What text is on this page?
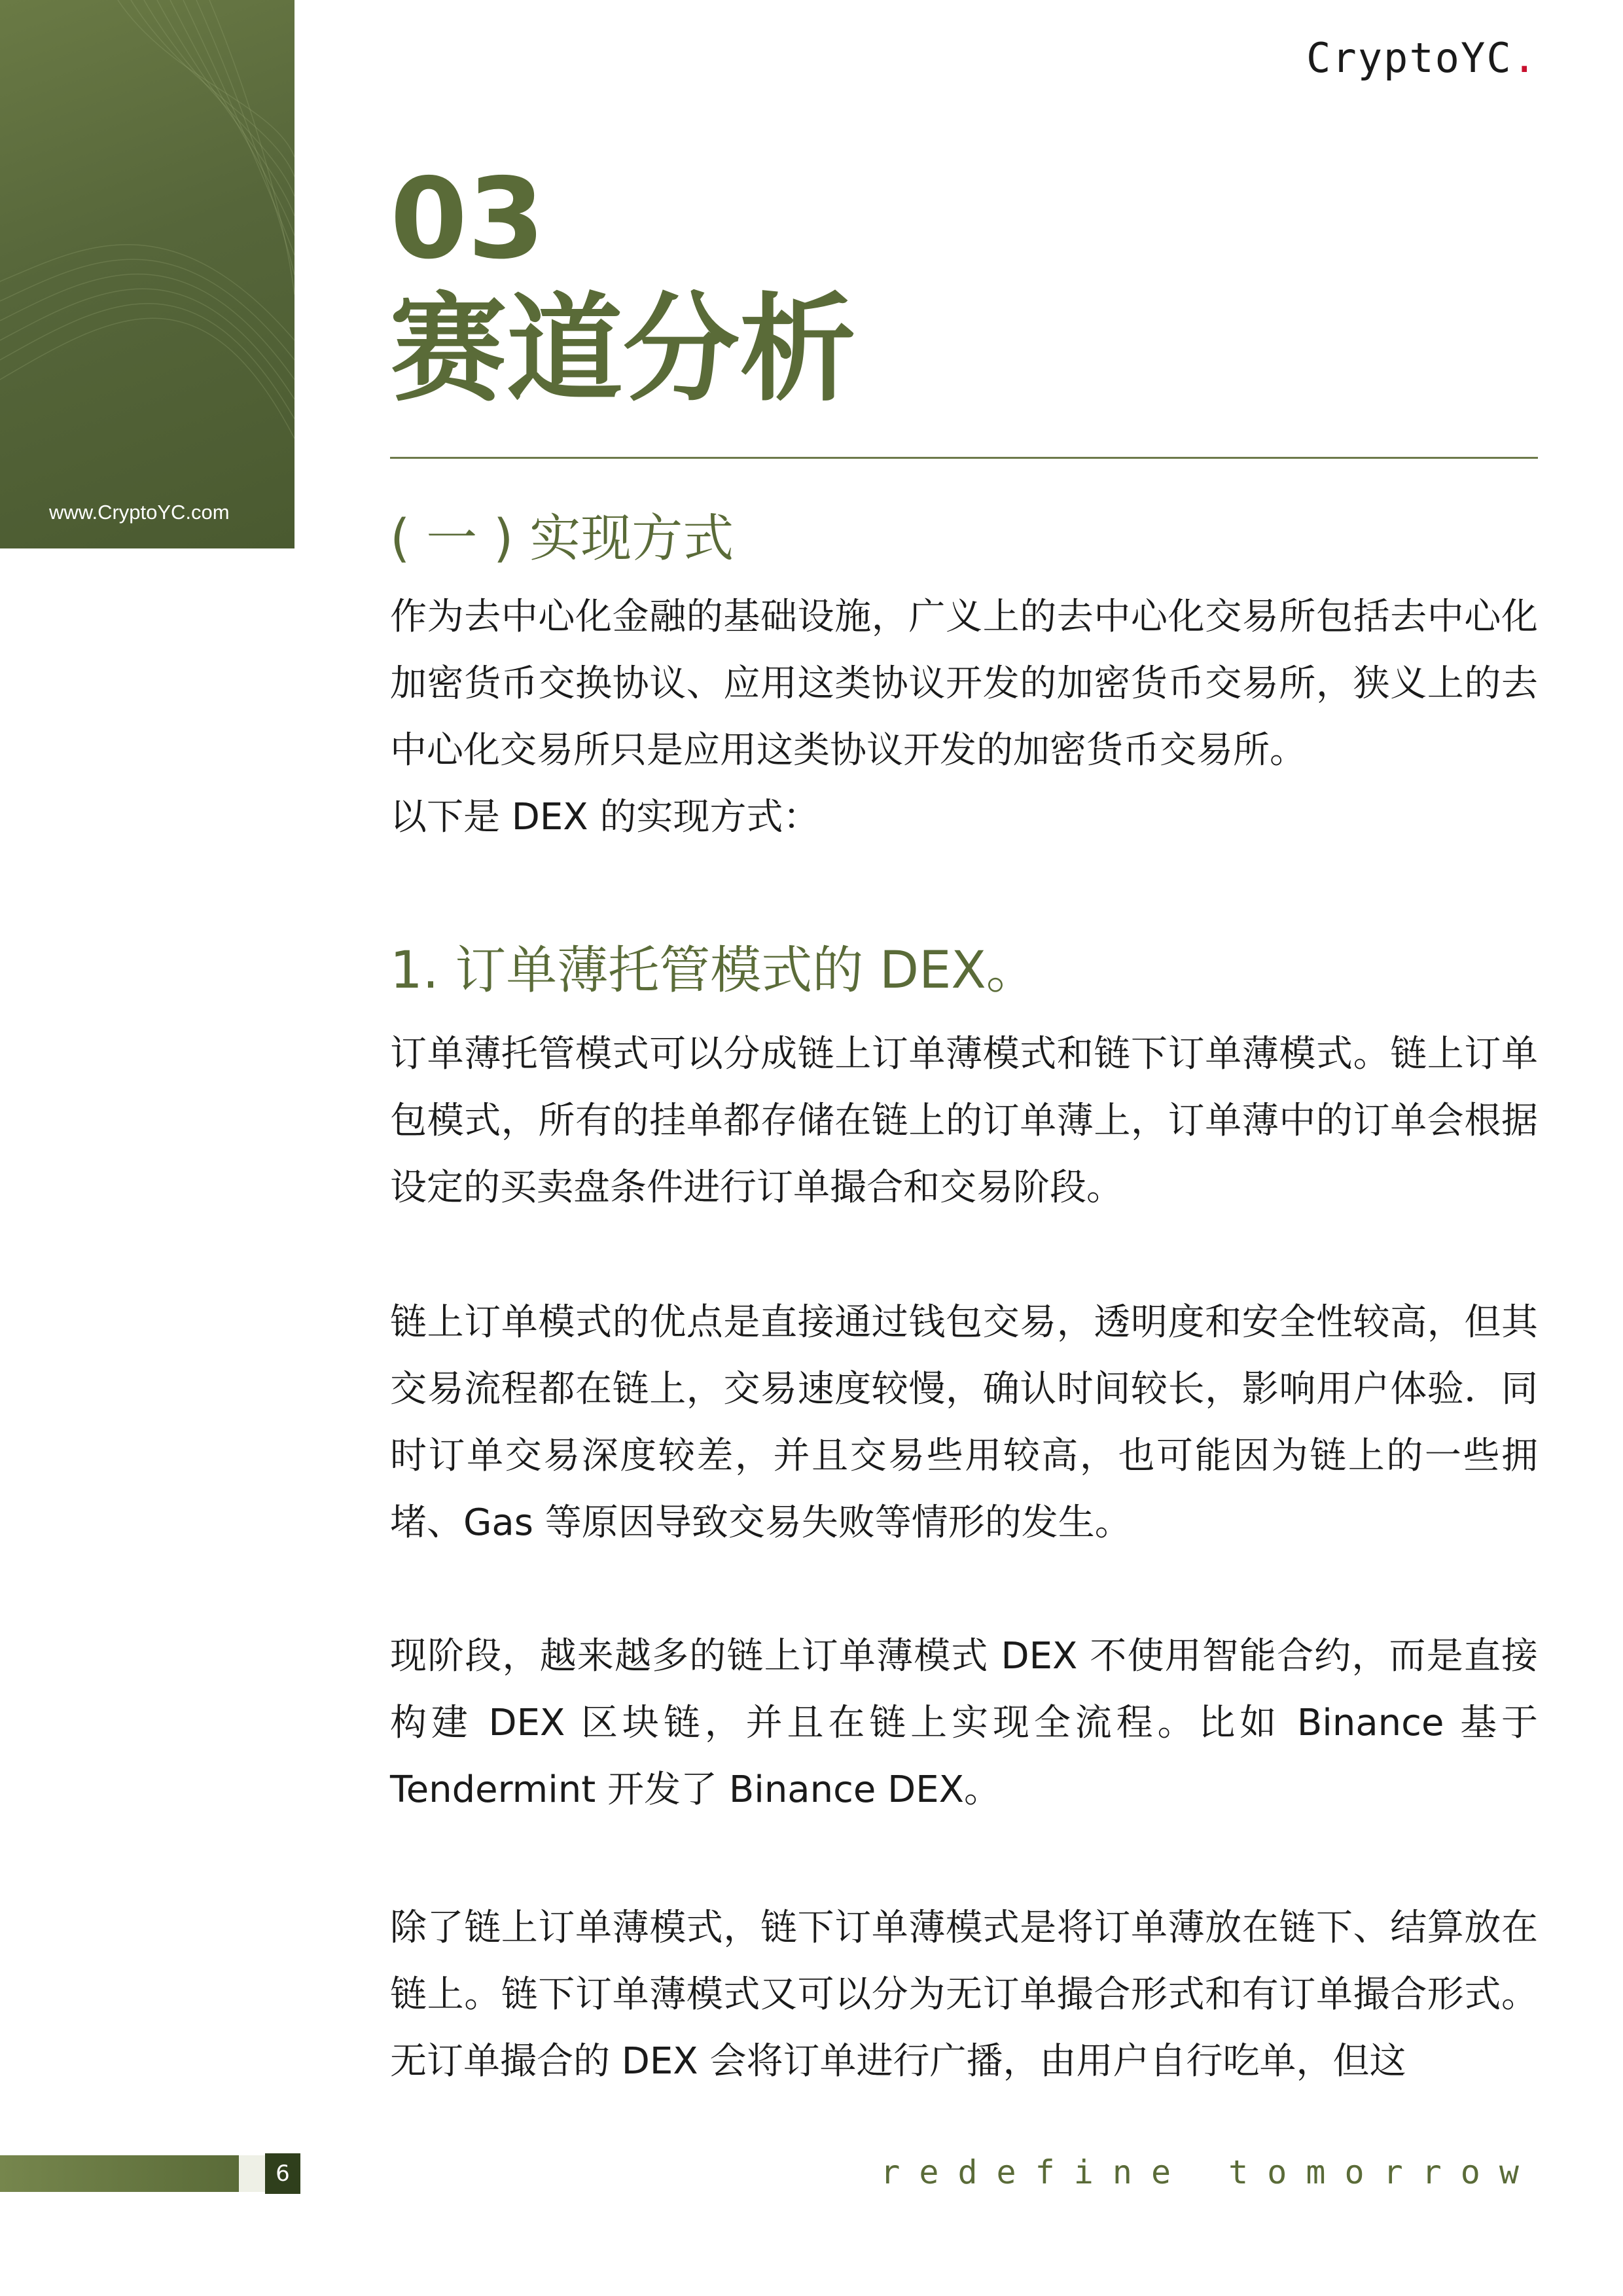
www.CryptoYC.com
CryptoYC.
03
赛道分析
( 一 ) 实现方式

作为去中心化金融的基础设施，广义上的去中心化交易所包括去中心化加密货币交换协议、应用这类协议开发的加密货币交易所，狭义上的去中心化交易所只是应用这类协议开发的加密货币交易所。
以下是 DEX 的实现方式：

1. 订单薄托管模式的 DEX。

订单薄托管模式可以分成链上订单薄模式和链下订单薄模式。链上订单包模式，所有的挂单都存储在链上的订单薄上，订单薄中的订单会根据设定的买卖盘条件进行订单撮合和交易阶段。

链上订单模式的优点是直接通过钱包交易，透明度和安全性较高，但其交易流程都在链上，交易速度较慢，确认时间较长，影响用户体验．同时订单交易深度较差，并且交易些用较高，也可能因为链上的一些拥堵、Gas 等原因导致交易失败等情形的发生。

现阶段，越来越多的链上订单薄模式 DEX 不使用智能合约，而是直接构建 DEX 区块链，并且在链上实现全流程。比如 Binance 基于 Tendermint 开发了 Binance DEX。

除了链上订单薄模式，链下订单薄模式是将订单薄放在链下、结算放在链上。链下订单薄模式又可以分为无订单撮合形式和有订单撮合形式。无订单撮合的 DEX 会将订单进行广播，由用户自行吃单，但这

6	redefine tomorrow
